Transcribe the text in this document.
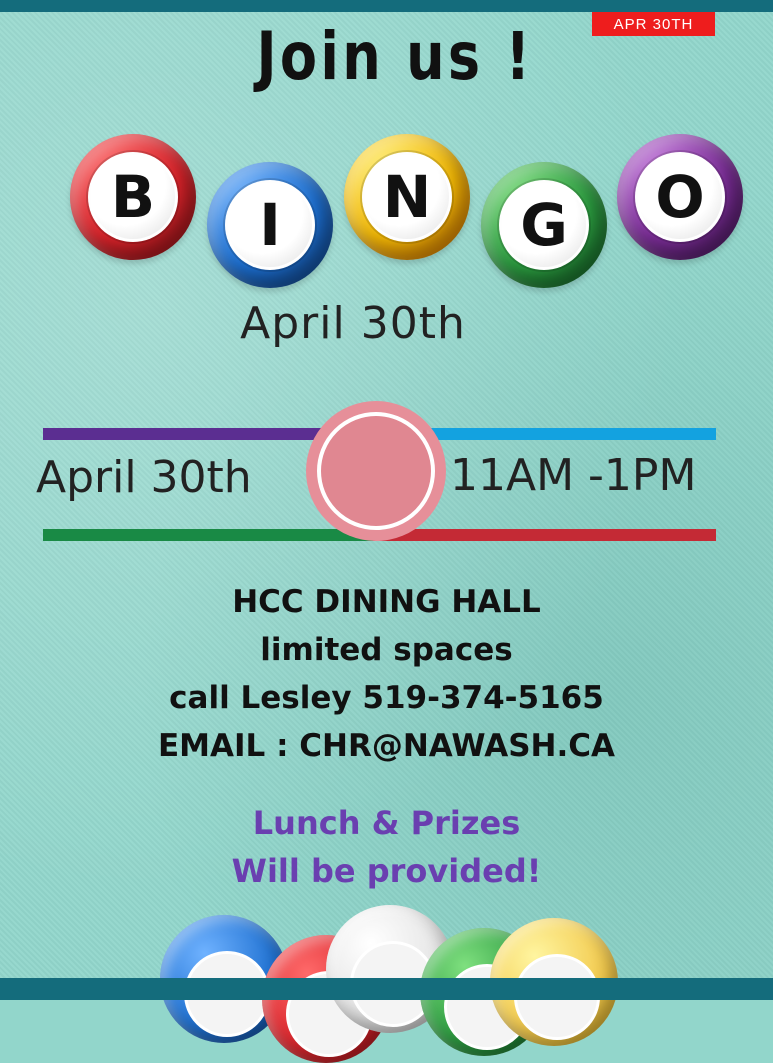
APR 30TH
Join us !
B I N G O
April 30th
April 30th	11AM -1PM
HCC DINING HALL
limited spaces
call Lesley 519-374-5165
EMAIL : CHR@NAWASH.CA
Lunch & Prizes
Will be provided!
